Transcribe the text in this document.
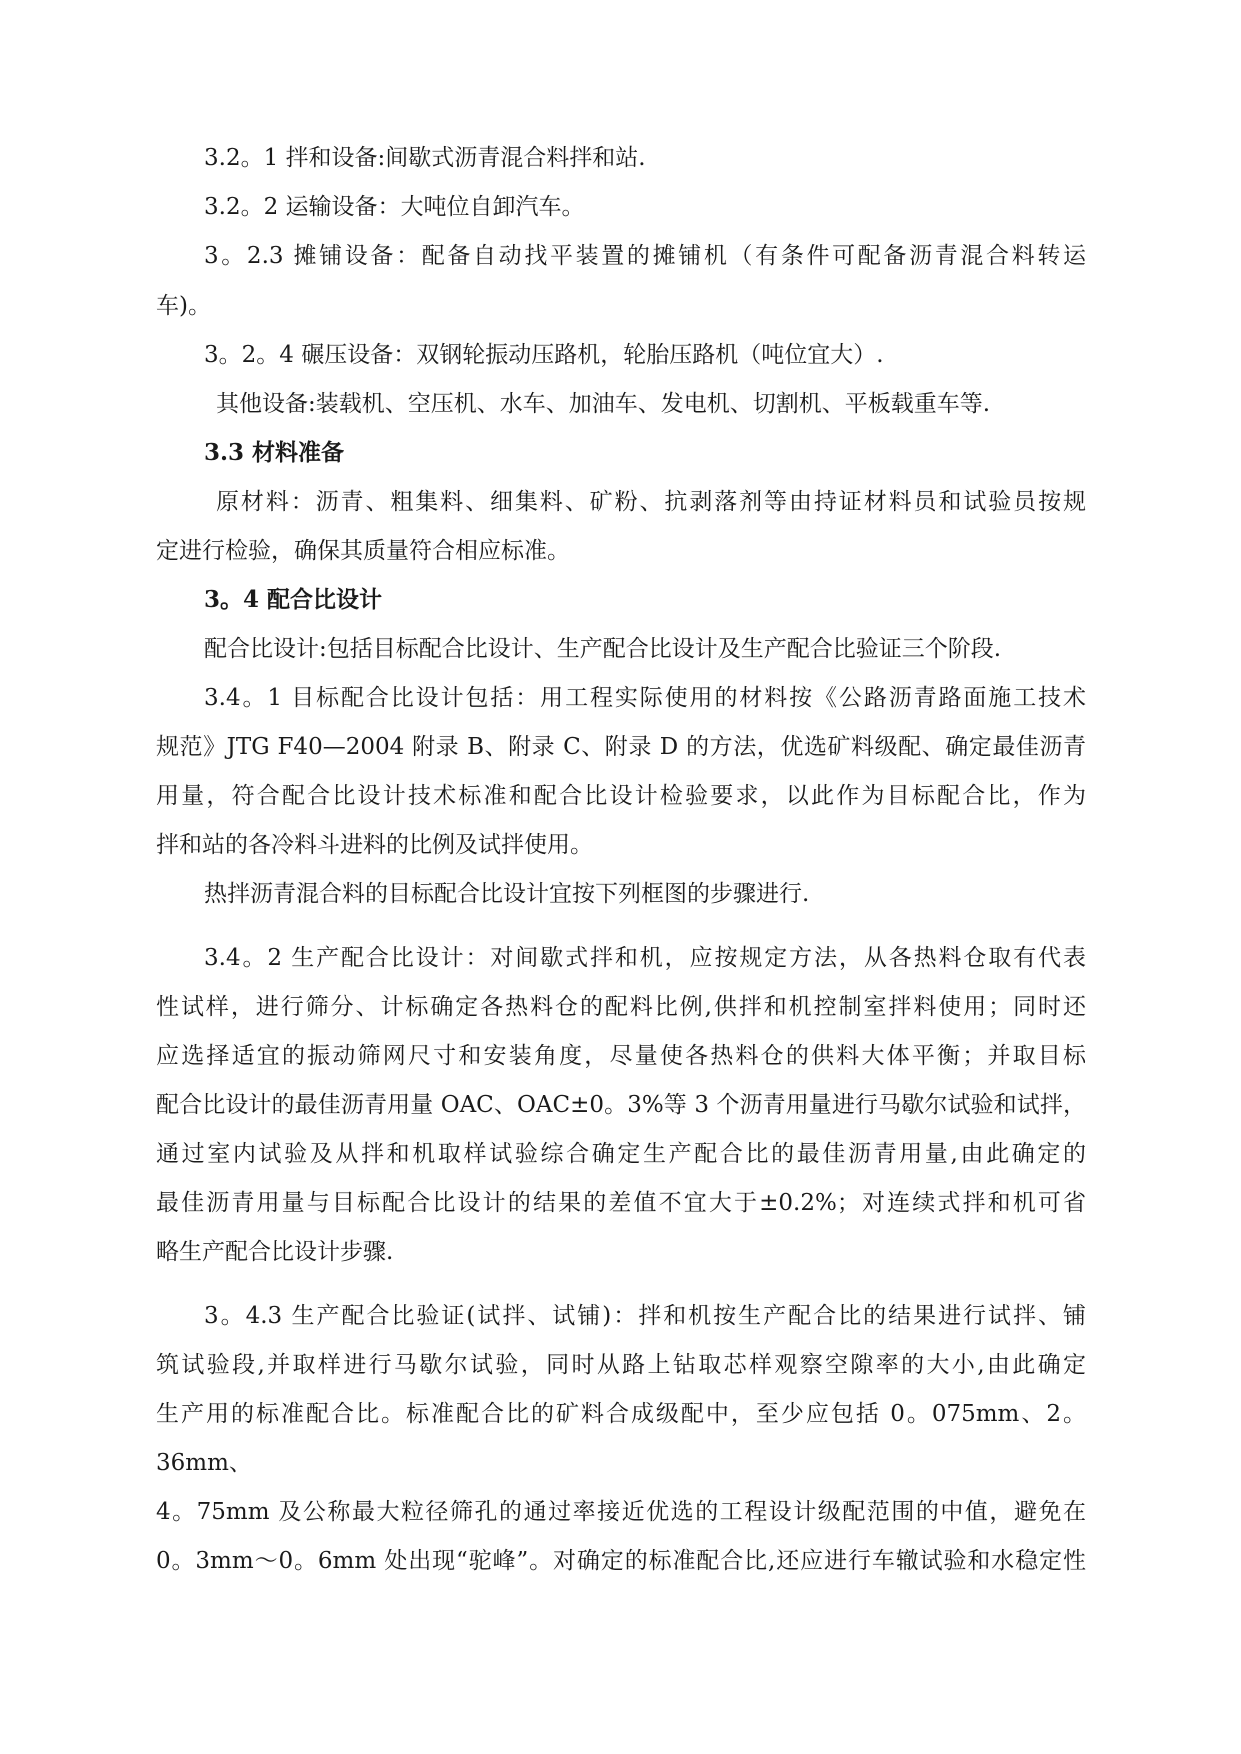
3.2。1 拌和设备:间歇式沥青混合料拌和站.

3.2。2 运输设备：大吨位自卸汽车。

3。2.3 摊铺设备：配备自动找平装置的摊铺机（有条件可配备沥青混合料转运

车)。

3。2。4 碾压设备：双钢轮振动压路机，轮胎压路机（吨位宜大）.

其他设备:装载机、空压机、水车、加油车、发电机、切割机、平板载重车等.

3.3 材料准备

原材料：沥青、粗集料、细集料、矿粉、抗剥落剂等由持证材料员和试验员按规

定进行检验，确保其质量符合相应标准。

3。4 配合比设计

配合比设计:包括目标配合比设计、生产配合比设计及生产配合比验证三个阶段.

3.4。1 目标配合比设计包括：用工程实际使用的材料按《公路沥青路面施工技术

规范》JTG F40—2004 附录 B、附录 C、附录 D 的方法，优选矿料级配、确定最佳沥青

用量，符合配合比设计技术标准和配合比设计检验要求，以此作为目标配合比，作为

拌和站的各冷料斗进料的比例及试拌使用。

热拌沥青混合料的目标配合比设计宜按下列框图的步骤进行.

3.4。2 生产配合比设计：对间歇式拌和机，应按规定方法，从各热料仓取有代表

性试样，进行筛分、计标确定各热料仓的配料比例,供拌和机控制室拌料使用；同时还

应选择适宜的振动筛网尺寸和安装角度，尽量使各热料仓的供料大体平衡；并取目标

配合比设计的最佳沥青用量 OAC、OAC±0。3%等 3 个沥青用量进行马歇尔试验和试拌，

通过室内试验及从拌和机取样试验综合确定生产配合比的最佳沥青用量,由此确定的

最佳沥青用量与目标配合比设计的结果的差值不宜大于±0.2%；对连续式拌和机可省

略生产配合比设计步骤.

3。4.3 生产配合比验证(试拌、试铺)：拌和机按生产配合比的结果进行试拌、铺

筑试验段,并取样进行马歇尔试验，同时从路上钻取芯样观察空隙率的大小,由此确定

生产用的标准配合比。标准配合比的矿料合成级配中，至少应包括 0。075mm、2。

36mm、

4。75mm 及公称最大粒径筛孔的通过率接近优选的工程设计级配范围的中值，避免在

0。3mm～0。6mm 处出现“驼峰”。对确定的标准配合比,还应进行车辙试验和水稳定性
